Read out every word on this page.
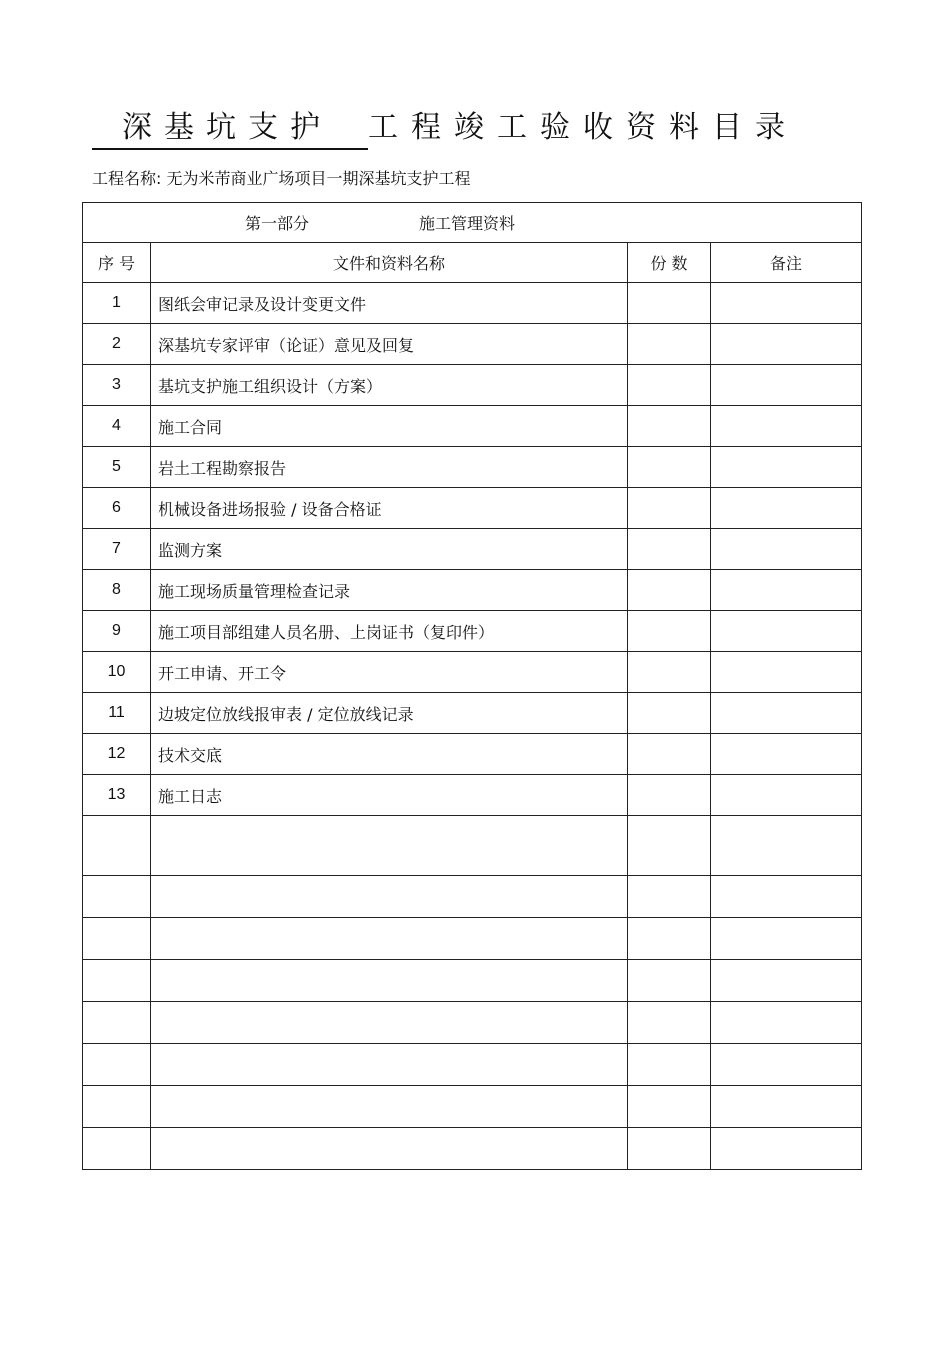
深基坑支护 工程竣工验收资料目录
工程名称: 无为米芾商业广场项目一期深基坑支护工程
第一部分 施工管理资料			
序 号	文件和资料名称	份 数	备注
1	图纸会审记录及设计变更文件		
2	深基坑专家评审（论证）意见及回复		
3	基坑支护施工组织设计（方案）		
4	施工合同		
5	岩土工程勘察报告		
6	机械设备进场报验 / 设备合格证		
7	监测方案		
8	施工现场质量管理检查记录		
9	施工项目部组建人员名册、上岗证书（复印件）		
10	开工申请、开工令		
11	边坡定位放线报审表 / 定位放线记录		
12	技术交底		
13	施工日志		
